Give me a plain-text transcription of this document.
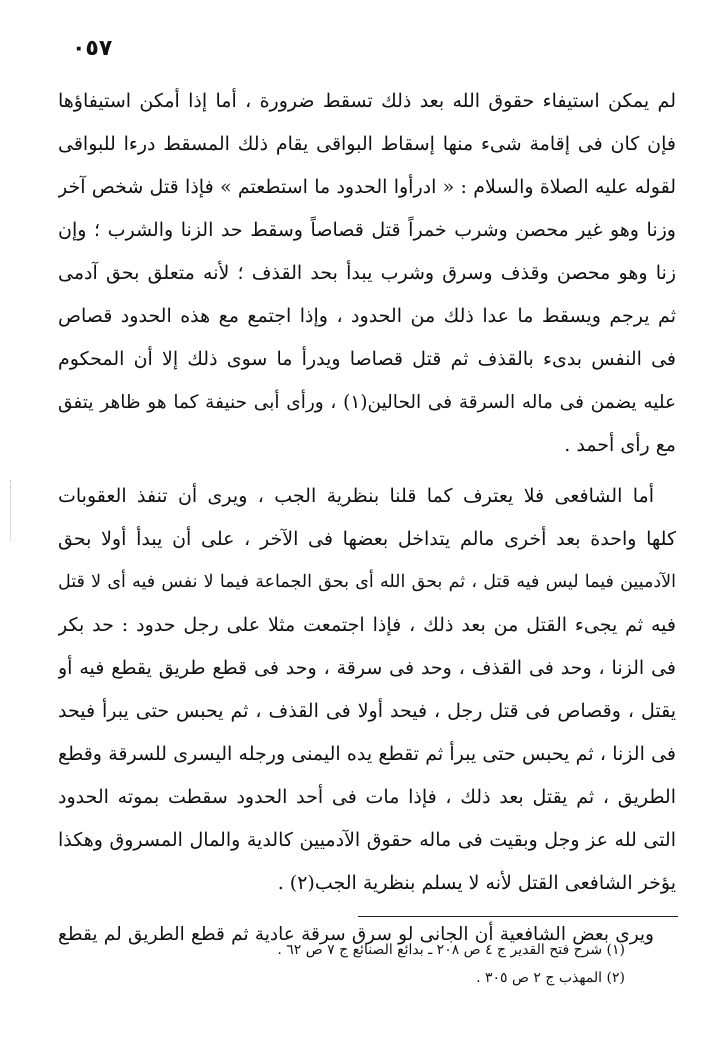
٧٥٠
لم يمكن استيفاء حقوق الله بعد ذلك تسقط ضرورة ، أما إذا أمكن استيفاؤها
فإن كان فى إقامة شىء منها إسقاط البواقى يقام ذلك المسقط درءا للبواقى
لقوله عليه الصلاة والسلام : « ادرأوا الحدود ما استطعتم » فإذا قتل شخص آخر
وزنا وهو غير محصن وشرب خمراً قتل قصاصاً وسقط حد الزنا والشرب ؛ وإن
زنا وهو محصن وقذف وسرق وشرب يبدأ بحد القذف ؛ لأنه متعلق بحق آدمى
ثم يرجم ويسقط ما عدا ذلك من الحدود ، وإذا اجتمع مع هذه الحدود قصاص
فى النفس بدىء بالقذف ثم قتل قصاصا ويدرأ ما سوى ذلك إلا أن المحكوم
عليه يضمن فى ماله السرقة فى الحالين(١) ، ورأى أبى حنيفة كما هو ظاهر يتفق
مع رأى أحمد .
أما الشافعى فلا يعترف كما قلنا بنظرية الجب ، ويرى أن تنفذ العقوبات
كلها واحدة بعد أخرى مالم يتداخل بعضها فى الآخر ، على أن يبدأ أولا بحق
الآدميين فيما ليس فيه قتل ، ثم بحق الله أى بحق الجماعة فيما لا نفس فيه أى لا قتل
فيه ثم يجىء القتل من بعد ذلك ، فإذا اجتمعت مثلا على رجل حدود : حد بكر
فى الزنا ، وحد فى القذف ، وحد فى سرقة ، وحد فى قطع طريق يقطع فيه أو
يقتل ، وقصاص فى قتل رجل ، فيحد أولا فى القذف ، ثم يحبس حتى يبرأ فيحد
فى الزنا ، ثم يحبس حتى يبرأ ثم تقطع يده اليمنى ورجله اليسرى للسرقة وقطع
الطريق ، ثم يقتل بعد ذلك ، فإذا مات فى أحد الحدود سقطت بموته الحدود
التى لله عز وجل وبقيت فى ماله حقوق الآدميين كالدية والمال المسروق وهكذا
يؤخر الشافعى القتل لأنه لا يسلم بنظرية الجب(٢) .
ويرى بعض الشافعية أن الجانى لو سرق سرقة عادية ثم قطع الطريق لم يقطع
(١) شرح فتح القدير ج ٤ ص ٢٠٨ ـ بدائع الصنائع ج ٧ ص ٦٢ .
(٢) المهذب ج ٢ ص ٣٠٥ .
